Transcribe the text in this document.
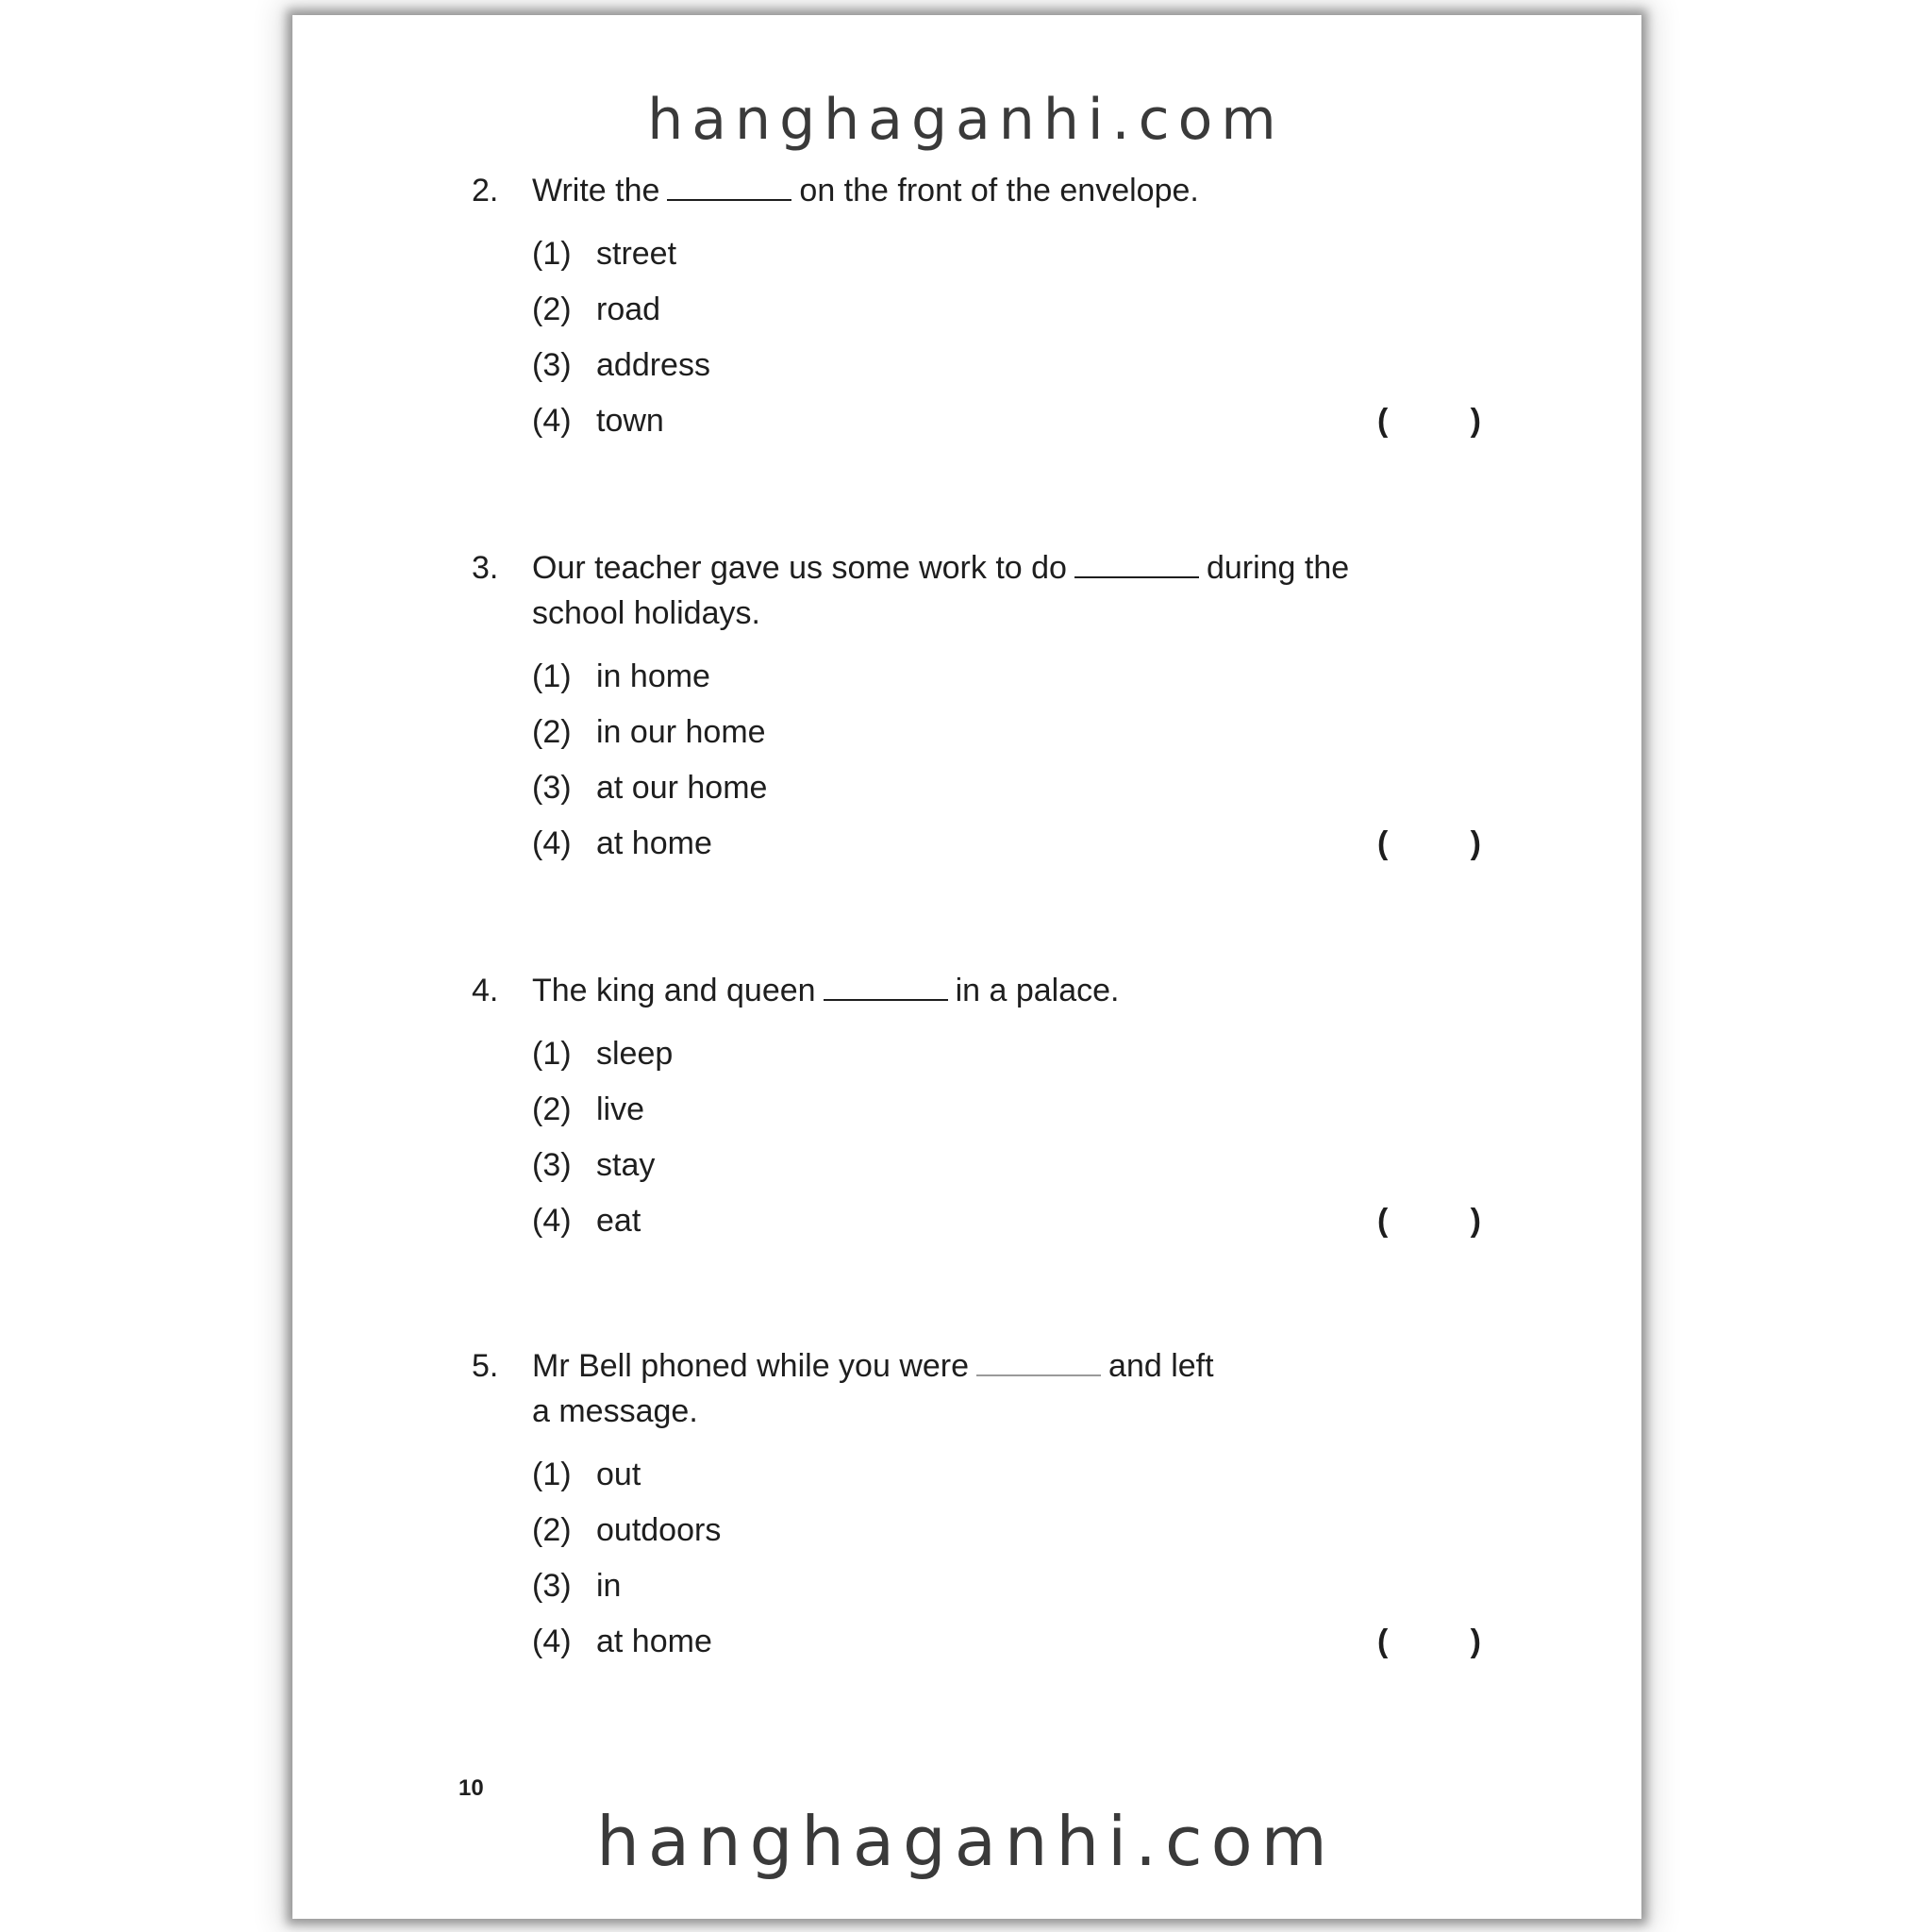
hanghaganhi.com
2. Write the	on the front of the envelope.
(1) street
(2) road
(3) address
(4) town	(	)
3. Our teacher gave us some work to do	during the
school holidays.
(1) in home
(2) in our home
(3) at our home
(4) at home	(	)
4. The king and queen	in a palace.
(1) sleep
(2) live
(3) stay
(4) eat	(	)
5. Mr Bell phoned while you were	and left
a message.
(1) out
(2) outdoors
(3) in
(4) at home	(	)
10
hanghaganhi.com
